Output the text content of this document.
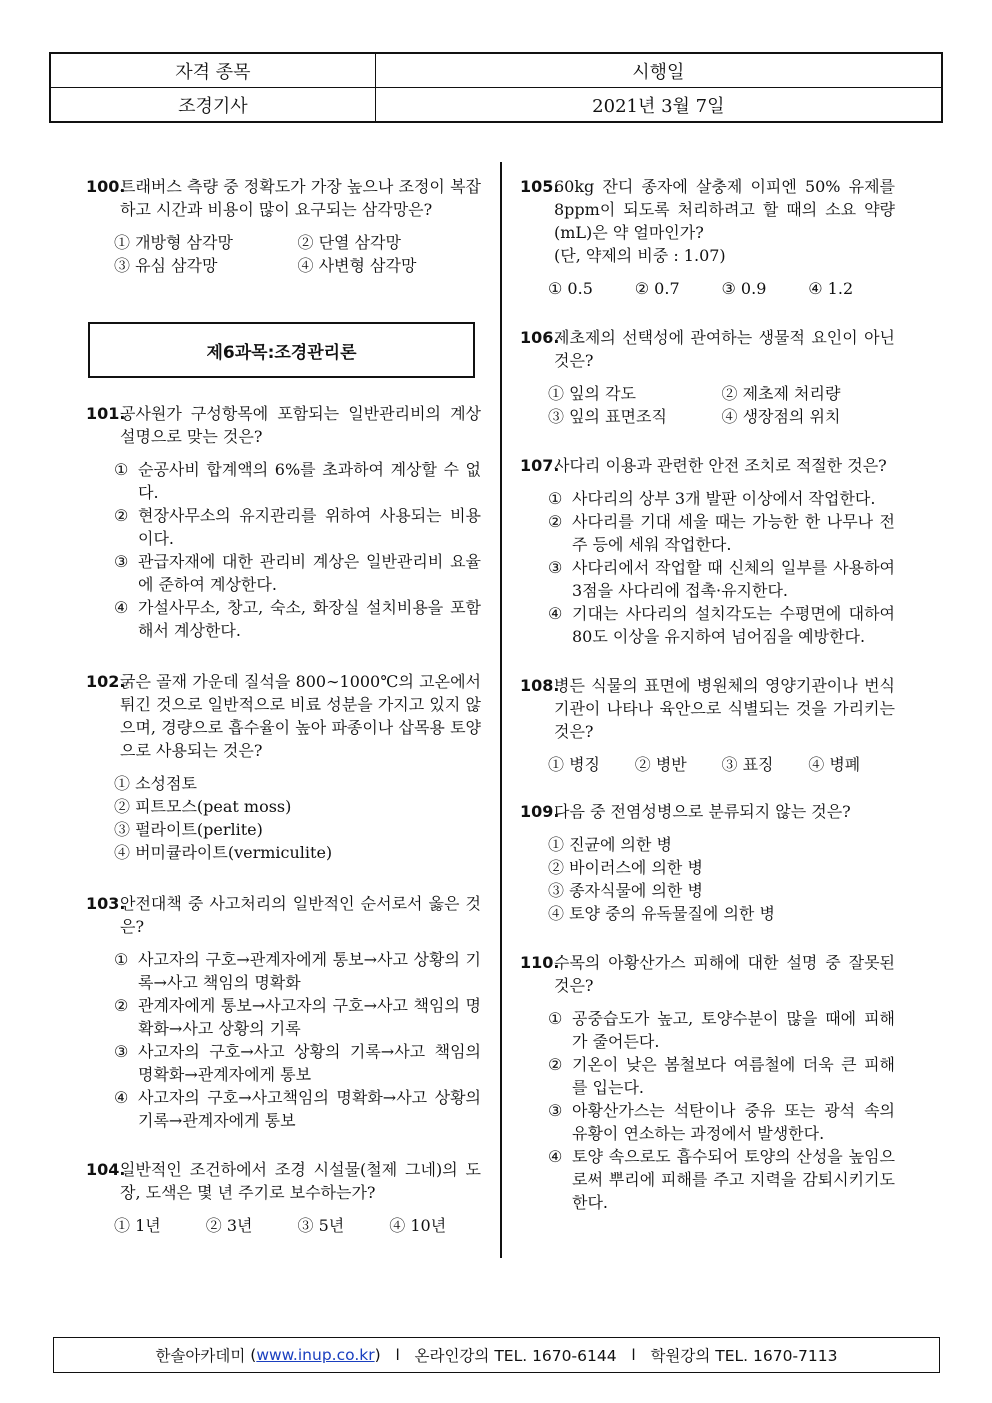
자격 종목	시행일
조경기사	2021년 3월 7일
100.
트래버스 측량 중 정확도가 가장 높으나 조정이 복잡하고 시간과 비용이 많이 요구되는 삼각망은?
① 개방형 삼각망	② 단열 삼각망
③ 유심 삼각망	④ 사변형 삼각망
제6과목:조경관리론
101.
공사원가 구성항목에 포함되는 일반관리비의 계상 설명으로 맞는 것은?
① 순공사비 합계액의 6%를 초과하여 계상할 수 없다.
② 현장사무소의 유지관리를 위하여 사용되는 비용이다.
③ 관급자재에 대한 관리비 계상은 일반관리비 요율에 준하여 계상한다.
④ 가설사무소, 창고, 숙소, 화장실 설치비용을 포함해서 계상한다.
102.
굵은 골재 가운데 질석을 800∼1000℃의 고온에서 튀긴 것으로 일반적으로 비료 성분을 가지고 있지 않으며, 경량으로 흡수율이 높아 파종이나 삽목용 토양으로 사용되는 것은?
① 소성점토
② 피트모스(peat moss)
③ 펄라이트(perlite)
④ 버미큘라이트(vermiculite)
103.
안전대책 중 사고처리의 일반적인 순서로서 옳은 것은?
① 사고자의 구호→관계자에게 통보→사고 상황의 기록→사고 책임의 명확화
② 관계자에게 통보→사고자의 구호→사고 책임의 명확화→사고 상황의 기록
③ 사고자의 구호→사고 상황의 기록→사고 책임의 명확화→관계자에게 통보
④ 사고자의 구호→사고책임의 명확화→사고 상황의 기록→관계자에게 통보
104.
일반적인 조건하에서 조경 시설물(철제 그네)의 도장, 도색은 몇 년 주기로 보수하는가?
① 1년	② 3년	③ 5년	④ 10년
105.
60kg 잔디 종자에 살충제 이피엔 50% 유제를 8ppm이 되도록 처리하려고 할 때의 소요 약량(mL)은 약 얼마인가?
(단, 약제의 비중 : 1.07)
① 0.5	② 0.7	③ 0.9	④ 1.2
106.
제초제의 선택성에 관여하는 생물적 요인이 아닌 것은?
① 잎의 각도	② 제초제 처리량
③ 잎의 표면조직	④ 생장점의 위치
107.
사다리 이용과 관련한 안전 조치로 적절한 것은?
① 사다리의 상부 3개 발판 이상에서 작업한다.
② 사다리를 기대 세울 때는 가능한 한 나무나 전주 등에 세워 작업한다.
③ 사다리에서 작업할 때 신체의 일부를 사용하여 3점을 사다리에 접촉·유지한다.
④ 기대는 사다리의 설치각도는 수평면에 대하여 80도 이상을 유지하여 넘어짐을 예방한다.
108.
병든 식물의 표면에 병원체의 영양기관이나 번식기관이 나타나 육안으로 식별되는 것을 가리키는 것은?
① 병징	② 병반	③ 표징	④ 병폐
109.
다음 중 전염성병으로 분류되지 않는 것은?
① 진균에 의한 병
② 바이러스에 의한 병
③ 종자식물에 의한 병
④ 토양 중의 유독물질에 의한 병
110.
수목의 아황산가스 피해에 대한 설명 중 잘못된 것은?
① 공중습도가 높고, 토양수분이 많을 때에 피해가 줄어든다.
② 기온이 낮은 봄철보다 여름철에 더욱 큰 피해를 입는다.
③ 아황산가스는 석탄이나 중유 또는 광석 속의 유황이 연소하는 과정에서 발생한다.
④ 토양 속으로도 흡수되어 토양의 산성을 높임으로써 뿌리에 피해를 주고 지력을 감퇴시키기도 한다.
한솔아카데미
( www.inup.co.kr )
l
온라인강의 TEL. 1670-6144
l
학원강의 TEL. 1670-7113
